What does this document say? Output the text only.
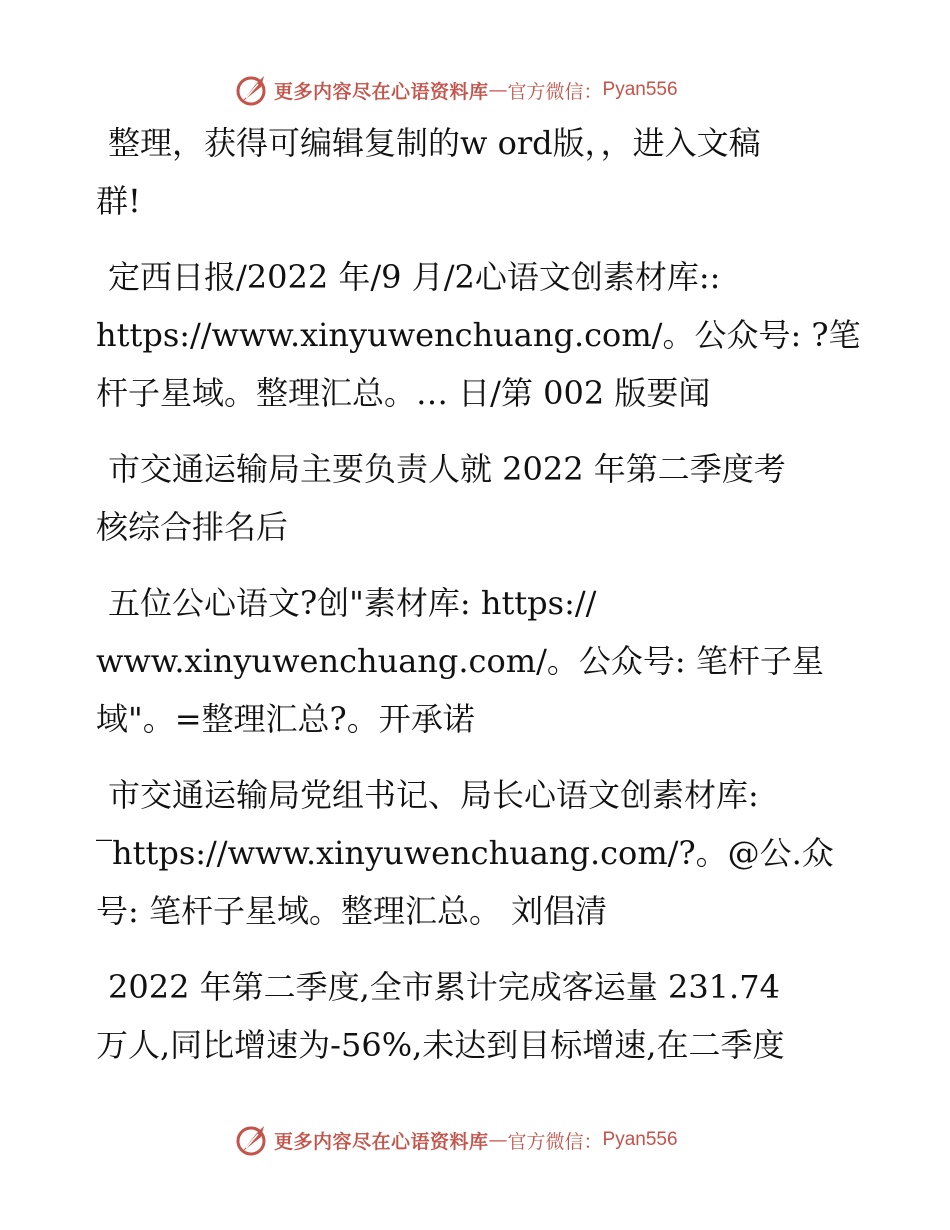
更多内容尽在心语资料库 — 官方微信： Pyan556

整理，获得可编辑复制的w ord版，，进入文稿
群!

定西日报/2022 年/9 月/2心语文创素材库::
https://www.xinyuwenchuang.com/。公众号: ?笔
杆子星域。整理汇总。… 日/第 002 版要闻

市交通运输局主要负责人就 2022 年第二季度考
核综合排名后

五位公心语文?创"素材库: https://
www.xinyuwenchuang.com/。公众号: 笔杆子星
域"。=整理汇总?。开承诺

市交通运输局党组书记、局长心语文创素材库:
‾https://www.xinyuwenchuang.com/?。@公.众
号: 笔杆子星域。整理汇总。 刘倡清

2022 年第二季度,全市累计完成客运量 231.74
万人,同比增速为-56%,未达到目标增速,在二季度

更多内容尽在心语资料库 — 官方微信： Pyan556
